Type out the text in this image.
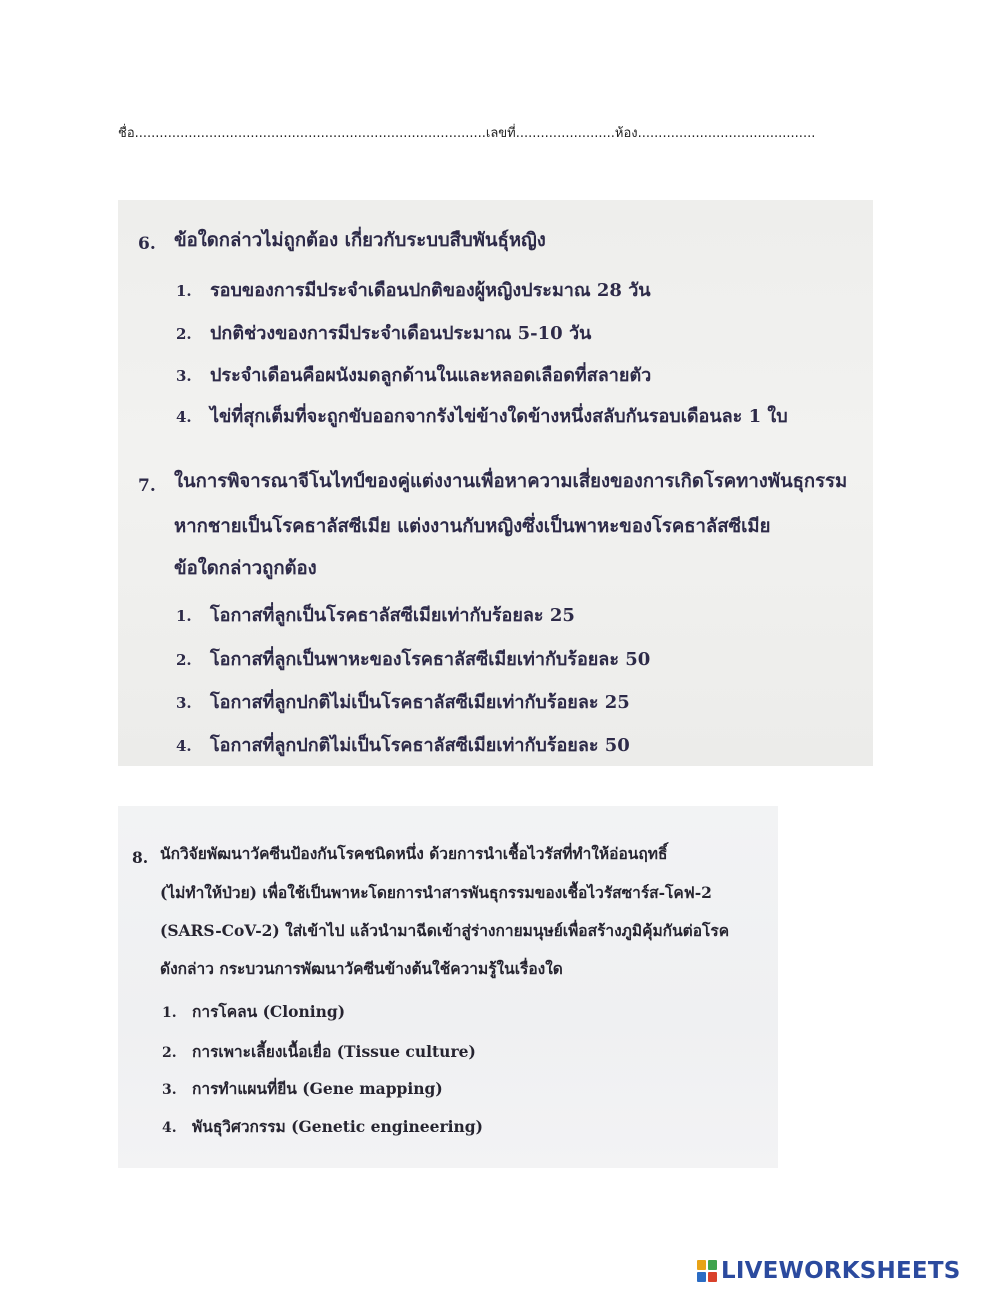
ชื่อ.....................................................................................เลขที่........................ห้อง...........................................
6. ข้อใดกล่าวไม่ถูกต้อง เกี่ยวกับระบบสืบพันธุ์หญิง
1. รอบของการมีประจำเดือนปกติของผู้หญิงประมาณ 28 วัน
2. ปกติช่วงของการมีประจำเดือนประมาณ 5-10 วัน
3. ประจำเดือนคือผนังมดลูกด้านในและหลอดเลือดที่สลายตัว
4. ไข่ที่สุกเต็มที่จะถูกขับออกจากรังไข่ข้างใดข้างหนึ่งสลับกันรอบเดือนละ 1 ใบ
7. ในการพิจารณาจีโนไทป์ของคู่แต่งงานเพื่อหาความเสี่ยงของการเกิดโรคทางพันธุกรรม
หากชายเป็นโรคธาลัสซีเมีย แต่งงานกับหญิงซึ่งเป็นพาหะของโรคธาลัสซีเมีย
ข้อใดกล่าวถูกต้อง
1. โอกาสที่ลูกเป็นโรคธาลัสซีเมียเท่ากับร้อยละ 25
2. โอกาสที่ลูกเป็นพาหะของโรคธาลัสซีเมียเท่ากับร้อยละ 50
3. โอกาสที่ลูกปกติไม่เป็นโรคธาลัสซีเมียเท่ากับร้อยละ 25
4. โอกาสที่ลูกปกติไม่เป็นโรคธาลัสซีเมียเท่ากับร้อยละ 50
8. นักวิจัยพัฒนาวัคซีนป้องกันโรคชนิดหนึ่ง ด้วยการนำเชื้อไวรัสที่ทำให้อ่อนฤทธิ์
(ไม่ทำให้ป่วย) เพื่อใช้เป็นพาหะโดยการนำสารพันธุกรรมของเชื้อไวรัสซาร์ส-โคฟ-2
(SARS-CoV-2) ใส่เข้าไป แล้วนำมาฉีดเข้าสู่ร่างกายมนุษย์เพื่อสร้างภูมิคุ้มกันต่อโรค
ดังกล่าว กระบวนการพัฒนาวัคซีนข้างต้นใช้ความรู้ในเรื่องใด
1. การโคลน (Cloning)
2. การเพาะเลี้ยงเนื้อเยื่อ (Tissue culture)
3. การทำแผนที่ยีน (Gene mapping)
4. พันธุวิศวกรรม (Genetic engineering)
LIVEWORKSHEETS
